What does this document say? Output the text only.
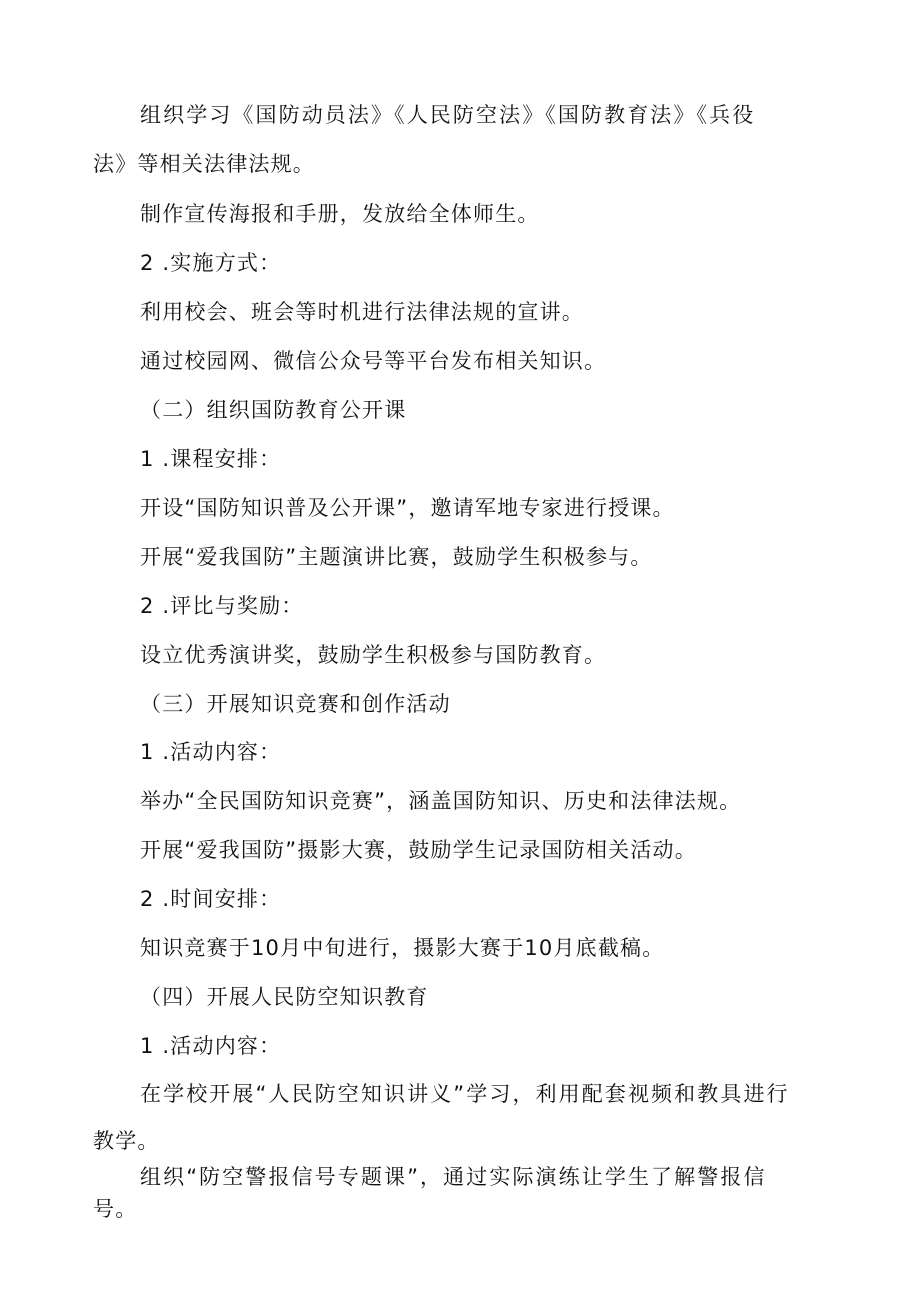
组织学习《国防动员法》《人民防空法》《国防教育法》《兵役
法》等相关法律法规。
制作宣传海报和手册，发放给全体师生。
2 .实施方式：
利用校会、班会等时机进行法律法规的宣讲。
通过校园网、微信公众号等平台发布相关知识。
（二）组织国防教育公开课
1 .课程安排：
开设“国防知识普及公开课”，邀请军地专家进行授课。
开展“爱我国防”主题演讲比赛，鼓励学生积极参与。
2 .评比与奖励：
设立优秀演讲奖，鼓励学生积极参与国防教育。
（三）开展知识竞赛和创作活动
1 .活动内容：
举办“全民国防知识竞赛”，涵盖国防知识、历史和法律法规。
开展“爱我国防”摄影大赛，鼓励学生记录国防相关活动。
2 .时间安排：
知识竞赛于10月中旬进行，摄影大赛于10月底截稿。
（四）开展人民防空知识教育
1 .活动内容：
在学校开展“人民防空知识讲义”学习，利用配套视频和教具进行
教学。
组织“防空警报信号专题课”，通过实际演练让学生了解警报信
号。
